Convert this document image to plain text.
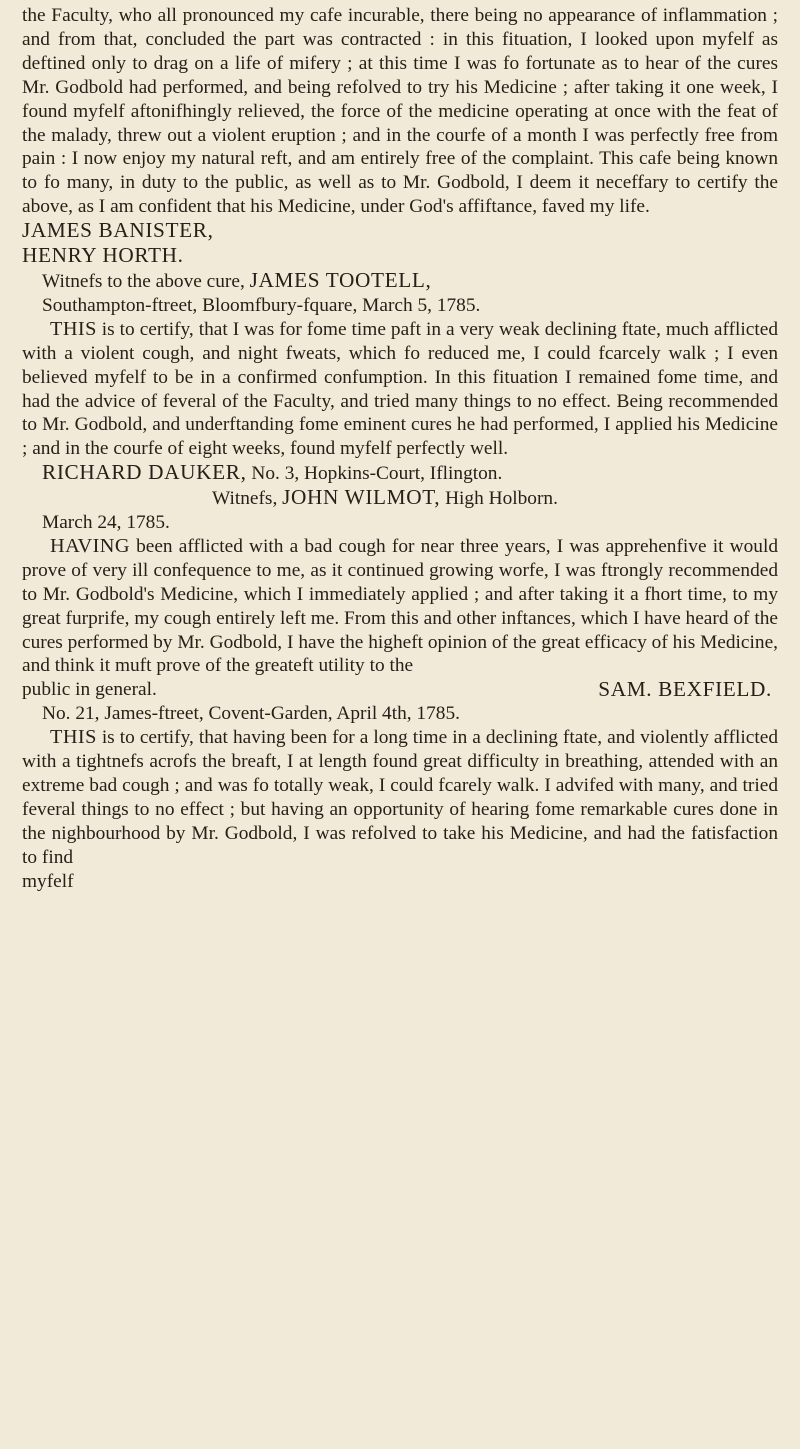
the Faculty, who all pronounced my cafe incurable, there being no appearance of inflammation ; and from that, concluded the part was contracted : in this fituation, I looked upon myfelf as deftined only to drag on a life of mifery ; at this time I was fo fortunate as to hear of the cures Mr. Godbold had performed, and being refolved to try his Medicine ; after taking it one week, I found myfelf aftonifhingly relieved, the force of the medicine operating at once with the feat of the malady, threw out a violent eruption ; and in the courfe of a month I was perfectly free from pain : I now enjoy my natural reft, and am entirely free of the complaint. This cafe being known to fo many, in duty to the public, as well as to Mr. Godbold, I deem it neceffary to certify the above, as I am confident that his Medicine, under God's affiftance, faved my life.

JAMES BANISTER,

HENRY HORTH.

Witnefs to the above cure, JAMES TOOTELL,

Southampton-ftreet, Bloomfbury-fquare, March 5, 1785.

THIS is to certify, that I was for fome time paft in a very weak declining ftate, much afflicted with a violent cough, and night fweats, which fo reduced me, I could fcarcely walk ; I even believed myfelf to be in a confirmed confumption. In this fituation I remained fome time, and had the advice of feveral of the Faculty, and tried many things to no effect. Being recommended to Mr. Godbold, and underftanding fome eminent cures he had performed, I applied his Medicine ; and in the courfe of eight weeks, found myfelf perfectly well.

RICHARD DAUKER, No. 3, Hopkins-Court, Iflington.

Witnefs, JOHN WILMOT, High Holborn.

March 24, 1785.

HAVING been afflicted with a bad cough for near three years, I was apprehenfive it would prove of very ill confequence to me, as it continued growing worfe, I was ftrongly recommended to Mr. Godbold's Medicine, which I immediately applied ; and after taking it a fhort time, to my great furprife, my cough entirely left me. From this and other inftances, which I have heard of the cures performed by Mr. Godbold, I have the higheft opinion of the great efficacy of his Medicine, and think it muft prove of the greateft utility to the

public in general.	SAM. BEXFIELD.

No. 21, James-ftreet, Covent-Garden, April 4th, 1785.

THIS is to certify, that having been for a long time in a declining ftate, and violently afflicted with a tightnefs acrofs the breaft, I at length found great difficulty in breathing, attended with an extreme bad cough ; and was fo totally weak, I could fcarely walk. I advifed with many, and tried feveral things to no effect ; but having an opportunity of hearing fome remarkable cures done in the nighbourhood by Mr. Godbold, I was refolved to take his Medicine, and had the fatisfaction to find

myfelf
